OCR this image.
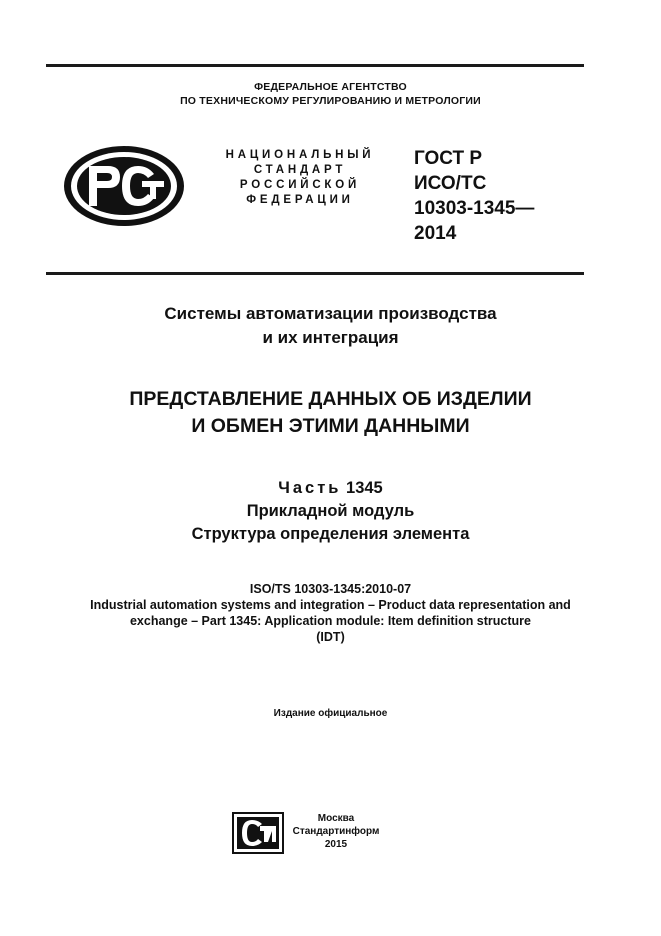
ФЕДЕРАЛЬНОЕ АГЕНТСТВО
ПО ТЕХНИЧЕСКОМУ РЕГУЛИРОВАНИЮ И МЕТРОЛОГИИ
НАЦИОНАЛЬНЫЙ
СТАНДАРТ
РОССИЙСКОЙ
ФЕДЕРАЦИИ
ГОСТ Р
ИСО/ТС
10303-1345—
2014
Системы автоматизации производства
и их интеграция
ПРЕДСТАВЛЕНИЕ ДАННЫХ ОБ ИЗДЕЛИИ
И ОБМЕН ЭТИМИ ДАННЫМИ
Часть 1345
Прикладной модуль
Структура определения элемента
ISO/TS 10303-1345:2010-07
Industrial automation systems and integration – Product data representation and
exchange – Part 1345: Application module: Item definition structure
(IDT)
Издание официальное
Москва
Стандартинформ
2015
